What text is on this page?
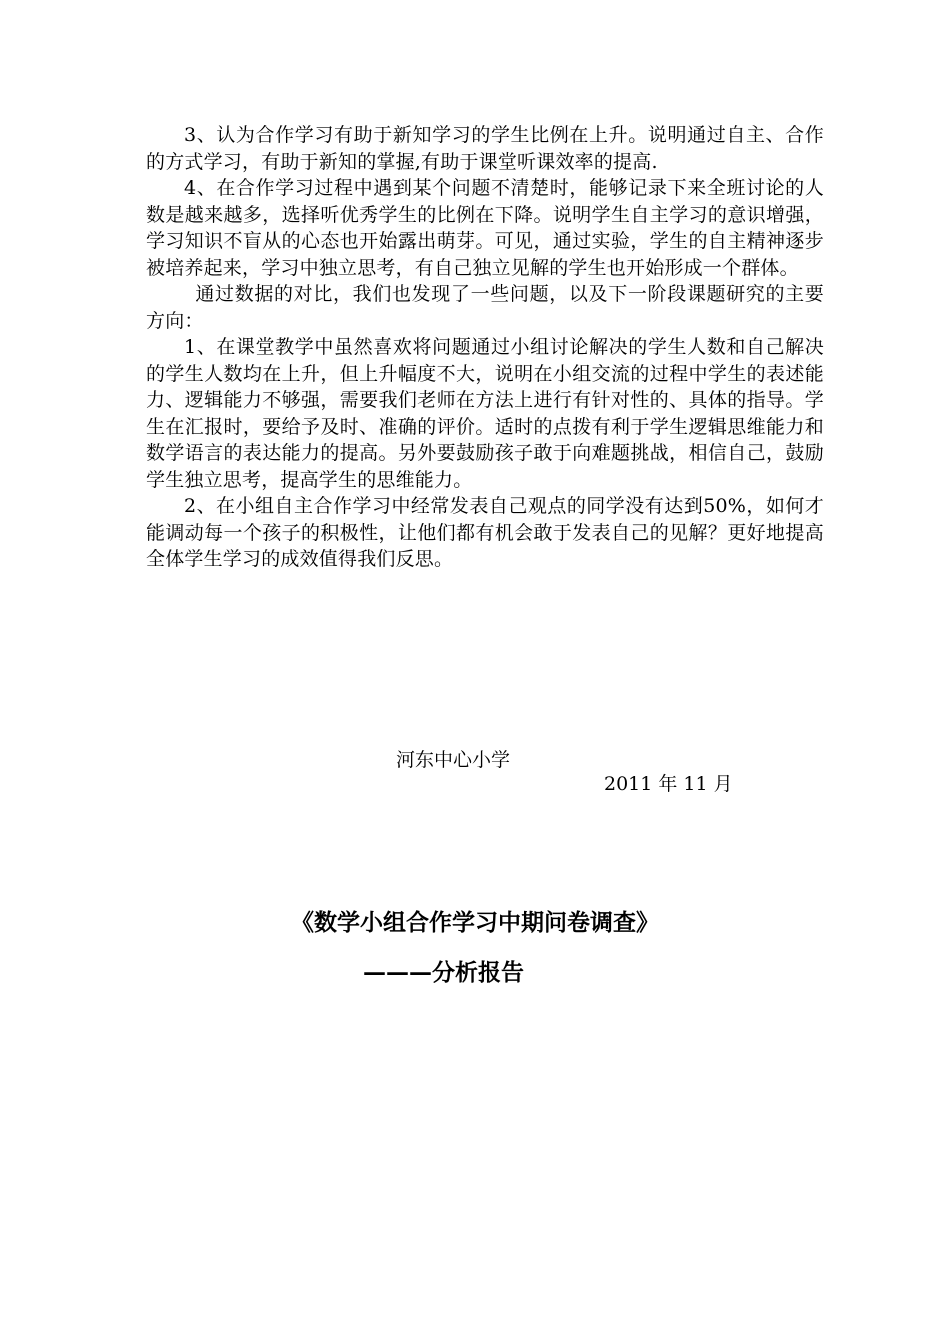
3、认为合作学习有助于新知学习的学生比例在上升。说明通过自主、合作的方式学习，有助于新知的掌握,有助于课堂听课效率的提高.

4、在合作学习过程中遇到某个问题不清楚时，能够记录下来全班讨论的人数是越来越多，选择听优秀学生的比例在下降。说明学生自主学习的意识增强，学习知识不盲从的心态也开始露出萌芽。可见，通过实验，学生的自主精神逐步被培养起来，学习中独立思考，有自己独立见解的学生也开始形成一个群体。

通过数据的对比，我们也发现了一些问题，以及下一阶段课题研究的主要方向：

1、在课堂教学中虽然喜欢将问题通过小组讨论解决的学生人数和自己解决的学生人数均在上升，但上升幅度不大，说明在小组交流的过程中学生的表述能力、逻辑能力不够强，需要我们老师在方法上进行有针对性的、具体的指导。学生在汇报时，要给予及时、准确的评价。适时的点拨有利于学生逻辑思维能力和数学语言的表达能力的提高。另外要鼓励孩子敢于向难题挑战，相信自己，鼓励学生独立思考，提高学生的思维能力。

2、在小组自主合作学习中经常发表自己观点的同学没有达到50%，如何才能调动每一个孩子的积极性，让他们都有机会敢于发表自己的见解？更好地提高全体学生学习的成效值得我们反思。

河东中心小学
2011 年 11 月
《数学小组合作学习中期问卷调查》
———分析报告
